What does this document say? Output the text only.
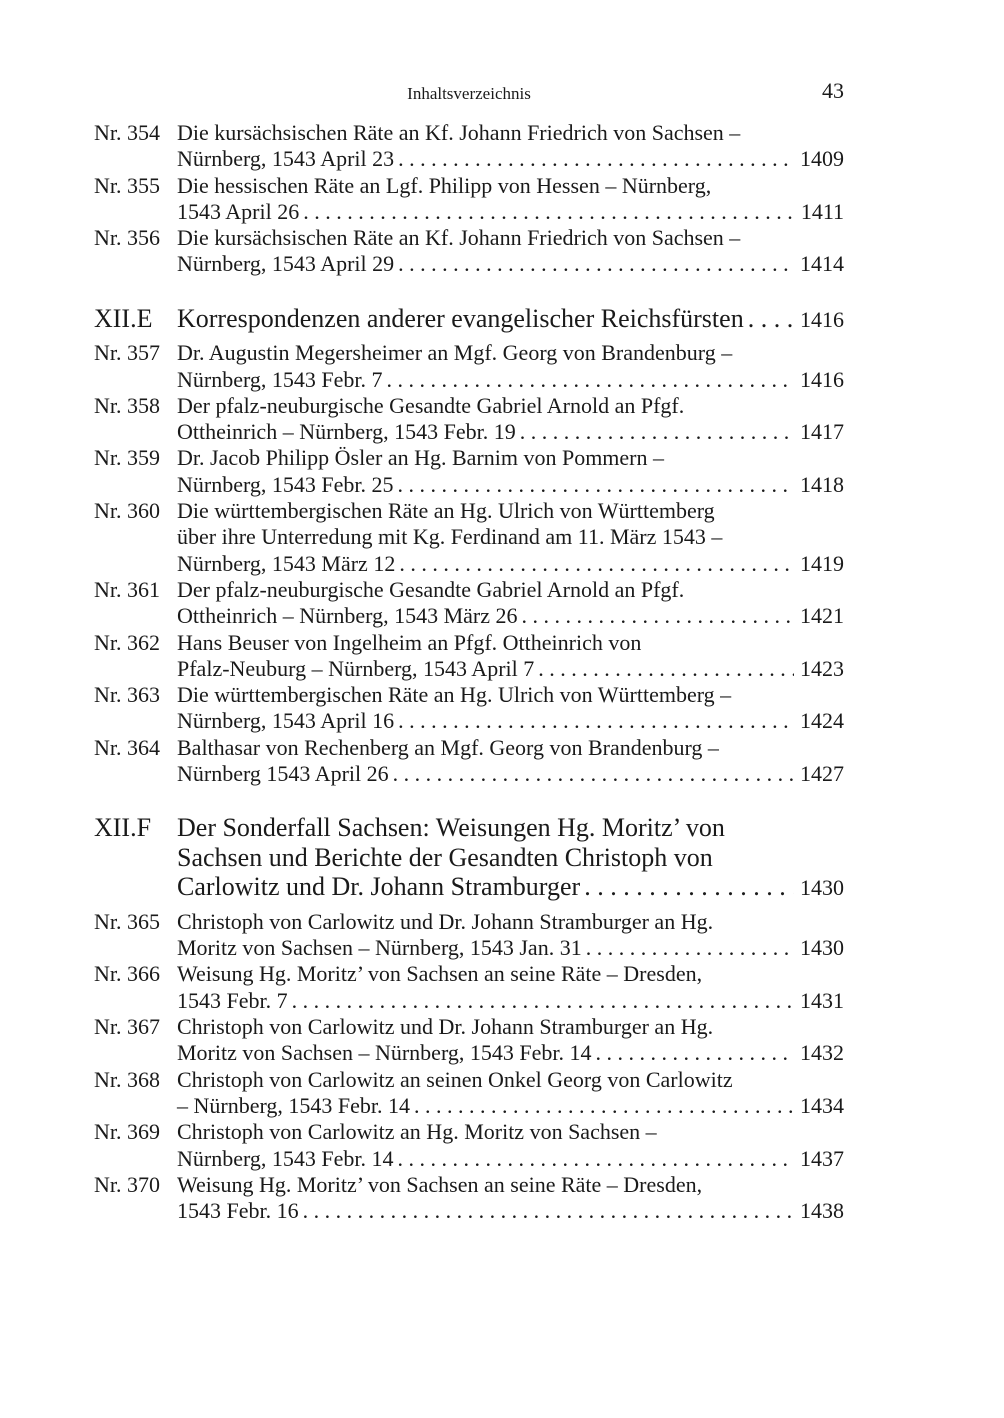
Inhaltsverzeichnis	43
Nr. 354 Die kursächsischen Räte an Kf. Johann Friedrich von Sachsen –
Nürnberg, 1543 April 23 . . .	1409
Nr. 355 Die hessischen Räte an Lgf. Philipp von Hessen – Nürnberg,
1543 April 26 . . .	1411
Nr. 356 Die kursächsischen Räte an Kf. Johann Friedrich von Sachsen –
Nürnberg, 1543 April 29 . . .	1414
XII.E Korrespondenzen anderer evangelischer Reichsfürsten . . .	1416
Nr. 357 Dr. Augustin Megersheimer an Mgf. Georg von Brandenburg –
Nürnberg, 1543 Febr. 7 . . .	1416
Nr. 358 Der pfalz-neuburgische Gesandte Gabriel Arnold an Pfgf.
Ottheinrich – Nürnberg, 1543 Febr. 19 . . .	1417
Nr. 359 Dr. Jacob Philipp Ösler an Hg. Barnim von Pommern –
Nürnberg, 1543 Febr. 25 . . .	1418
Nr. 360 Die württembergischen Räte an Hg. Ulrich von Württemberg
über ihre Unterredung mit Kg. Ferdinand am 11. März 1543 –
Nürnberg, 1543 März 12 . . .	1419
Nr. 361 Der pfalz-neuburgische Gesandte Gabriel Arnold an Pfgf.
Ottheinrich – Nürnberg, 1543 März 26 . . .	1421
Nr. 362 Hans Beuser von Ingelheim an Pfgf. Ottheinrich von
Pfalz-Neuburg – Nürnberg, 1543 April 7 . . .	1423
Nr. 363 Die württembergischen Räte an Hg. Ulrich von Württemberg –
Nürnberg, 1543 April 16 . . .	1424
Nr. 364 Balthasar von Rechenberg an Mgf. Georg von Brandenburg –
Nürnberg 1543 April 26 . . .	1427
XII.F Der Sonderfall Sachsen: Weisungen Hg. Moritz’ von
Sachsen und Berichte der Gesandten Christoph von
Carlowitz und Dr. Johann Stramburger . . .	1430
Nr. 365 Christoph von Carlowitz und Dr. Johann Stramburger an Hg.
Moritz von Sachsen – Nürnberg, 1543 Jan. 31 . . .	1430
Nr. 366 Weisung Hg. Moritz’ von Sachsen an seine Räte – Dresden,
1543 Febr. 7 . . .	1431
Nr. 367 Christoph von Carlowitz und Dr. Johann Stramburger an Hg.
Moritz von Sachsen – Nürnberg, 1543 Febr. 14 . . .	1432
Nr. 368 Christoph von Carlowitz an seinen Onkel Georg von Carlowitz
– Nürnberg, 1543 Febr. 14 . . .	1434
Nr. 369 Christoph von Carlowitz an Hg. Moritz von Sachsen –
Nürnberg, 1543 Febr. 14 . . .	1437
Nr. 370 Weisung Hg. Moritz’ von Sachsen an seine Räte – Dresden,
1543 Febr. 16 . . .	1438
